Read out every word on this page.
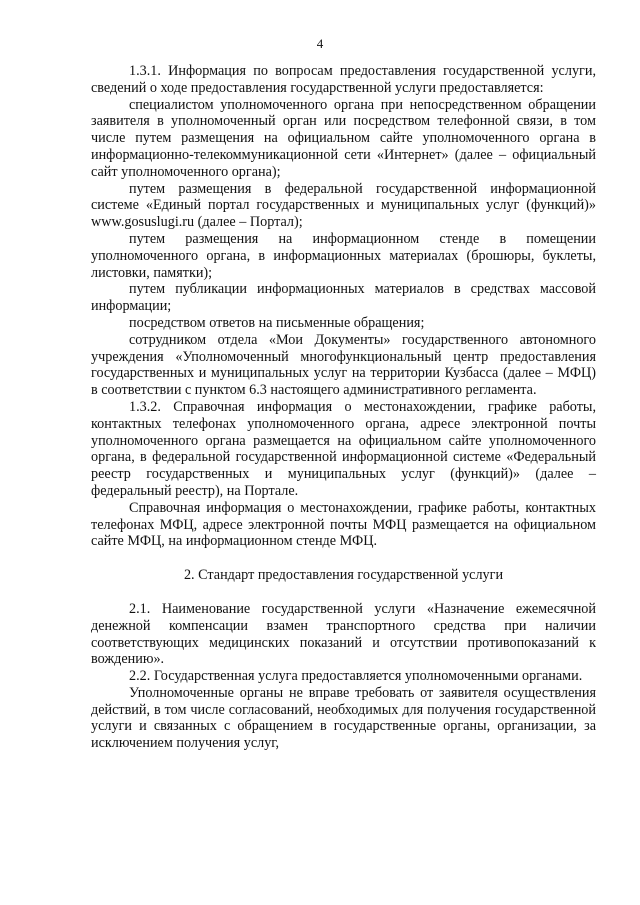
4

1.3.1. Информация по вопросам предоставления государственной услуги, сведений о ходе предоставления государственной услуги предоставляется:

специалистом уполномоченного органа при непосредственном обращении заявителя в уполномоченный орган или посредством телефонной связи, в том числе путем размещения на официальном сайте уполномоченного органа в информационно-телекоммуникационной сети «Интернет» (далее – официальный сайт уполномоченного органа);

путем размещения в федеральной государственной информационной системе «Единый портал государственных и муниципальных услуг (функций)» www.gosuslugi.ru (далее – Портал);

путем размещения на информационном стенде в помещении уполномоченного органа, в информационных материалах (брошюры, буклеты, листовки, памятки);

путем публикации информационных материалов в средствах массовой информации;

посредством ответов на письменные обращения;

сотрудником отдела «Мои Документы» государственного автономного учреждения «Уполномоченный многофункциональный центр предоставления государственных и муниципальных услуг на территории Кузбасса (далее – МФЦ) в соответствии с пунктом 6.3 настоящего административного регламента.

1.3.2. Справочная информация о местонахождении, графике работы, контактных телефонах уполномоченного органа, адресе электронной почты уполномоченного органа размещается на официальном сайте уполномоченного органа, в федеральной государственной информационной системе «Федеральный реестр государственных и муниципальных услуг (функций)» (далее – федеральный реестр), на Портале.

Справочная информация о местонахождении, графике работы, контактных телефонах МФЦ, адресе электронной почты МФЦ размещается на официальном сайте МФЦ, на информационном стенде МФЦ.

2. Стандарт предоставления государственной услуги

2.1. Наименование государственной услуги «Назначение ежемесячной денежной компенсации взамен транспортного средства при наличии соответствующих медицинских показаний и отсутствии противопоказаний к вождению».

2.2. Государственная услуга предоставляется уполномоченными органами.

Уполномоченные органы не вправе требовать от заявителя осуществления действий, в том числе согласований, необходимых для получения государственной услуги и связанных с обращением в государственные органы, организации, за исключением получения услуг,
